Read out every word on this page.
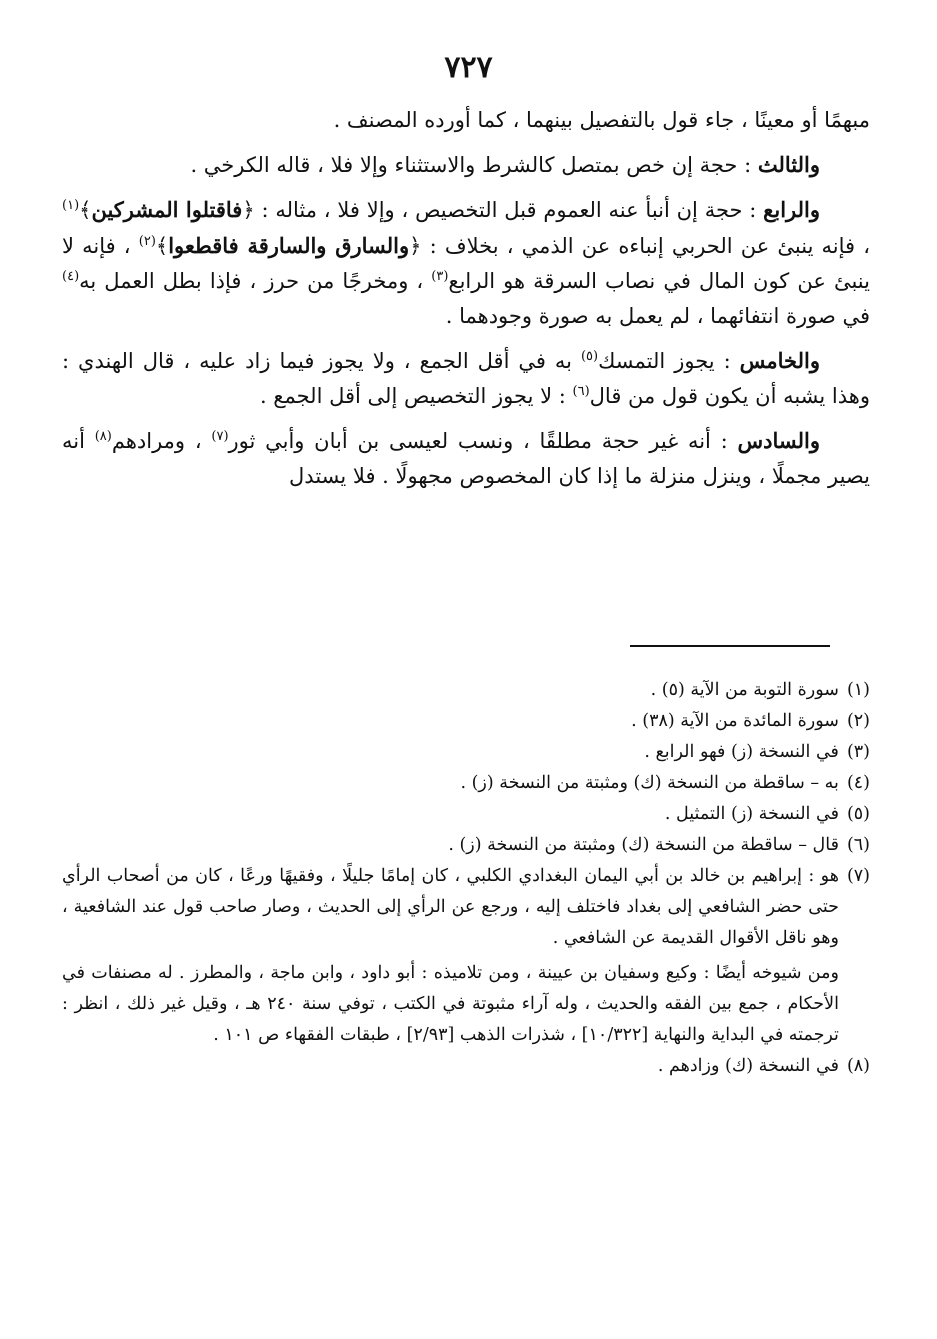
٧٢٧

مبهمًا أو معينًا ، جاء قول بالتفصيل بينهما ، كما أورده المصنف .

والثالث : حجة إن خص بمتصل كالشرط والاستثناء وإلا فلا ، قاله الكرخي .

والرابع : حجة إن أنبأ عنه العموم قبل التخصيص ، وإلا فلا ، مثاله : ﴿فاقتلوا المشركين﴾$^{(١)}$ ، فإنه ينبئ عن الحربي إنباءه عن الذمي ، بخلاف : ﴿والسارق والسارقة فاقطعوا﴾$^{(٢)}$ ، فإنه لا ينبئ عن كون المال في نصاب السرقة هو الرابع$^{(٣)}$ ، ومخرجًا من حرز ، فإذا بطل العمل به$^{(٤)}$ في صورة انتفائهما ، لم يعمل به صورة وجودهما .

والخامس : يجوز التمسك$^{(٥)}$ به في أقل الجمع ، ولا يجوز فيما زاد عليه ، قال الهندي : وهذا يشبه أن يكون قول من قال$^{(٦)}$ : لا يجوز التخصيص إلى أقل الجمع .

والسادس : أنه غير حجة مطلقًا ، ونسب لعيسى بن أبان وأبي ثور$^{(٧)}$ ، ومرادهم$^{(٨)}$ أنه يصير مجملًا ، وينزل منزلة ما إذا كان المخصوص مجهولًا . فلا يستدل

(١)
سورة التوبة من الآية (٥) .
(٢)
سورة المائدة من الآية (٣٨) .
(٣)
في النسخة (ز) فهو الرابع .
(٤)
به – ساقطة من النسخة (ك) ومثبتة من النسخة (ز) .
(٥)
في النسخة (ز) التمثيل .
(٦)
قال – ساقطة من النسخة (ك) ومثبتة من النسخة (ز) .
(٧)
هو : إبراهيم بن خالد بن أبي اليمان البغدادي الكلبي ، كان إمامًا جليلًا ، وفقيهًا ورعًا ، كان من أصحاب الرأي حتى حضر الشافعي إلى بغداد فاختلف إليه ، ورجع عن الرأي إلى الحديث ، وصار صاحب قول عند الشافعية ، وهو ناقل الأقوال القديمة عن الشافعي .
ومن شيوخه أيضًا : وكيع وسفيان بن عيينة ، ومن تلاميذه : أبو داود ، وابن ماجة ، والمطرز . له مصنفات في الأحكام ، جمع بين الفقه والحديث ، وله آراء مثبوتة في الكتب ، توفي سنة ٢٤٠ هـ ، وقيل غير ذلك ، انظر : ترجمته في البداية والنهاية [١٠/٣٢٢] ، شذرات الذهب [٢/٩٣] ، طبقات الفقهاء ص ١٠١ .
(٨)
في النسخة (ك) وزادهم .
